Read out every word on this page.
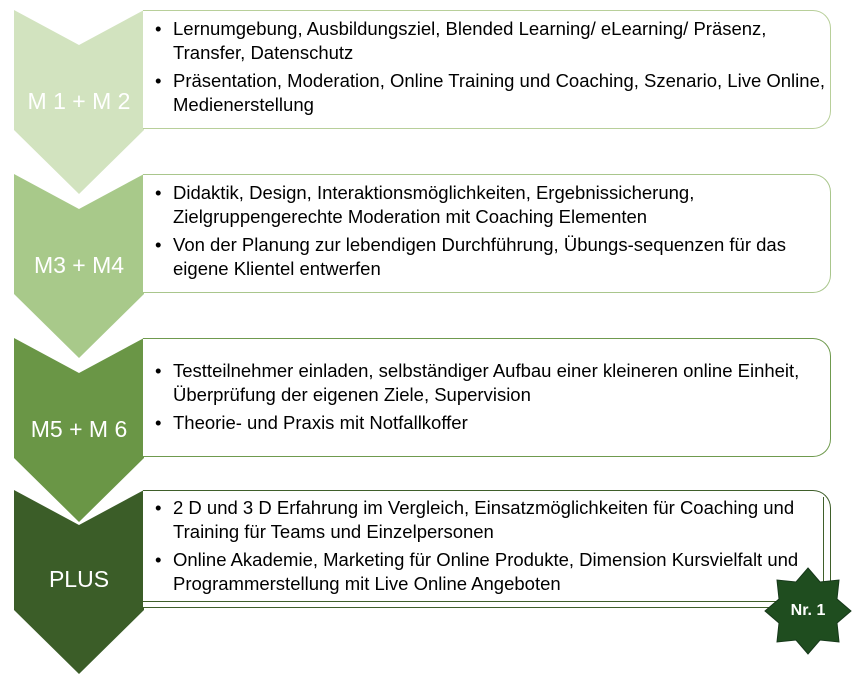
M 1 + M 2
• Lernumgebung, Ausbildungsziel, Blended Learning/ eLearning/ Präsenz, Transfer, Datenschutz
• Präsentation, Moderation, Online Training und Coaching, Szenario, Live Online, Medienerstellung
M3 + M4
• Didaktik, Design, Interaktionsmöglichkeiten, Ergebnissicherung, Zielgruppengerechte Moderation mit Coaching Elementen
• Von der Planung zur lebendigen Durchführung, Übungs-sequenzen für das eigene Klientel entwerfen
M5 + M 6
• Testteilnehmer einladen, selbständiger Aufbau einer kleineren online Einheit, Überprüfung der eigenen Ziele, Supervision
• Theorie- und Praxis mit Notfallkoffer
PLUS
• 2 D und 3 D Erfahrung im Vergleich, Einsatzmöglichkeiten für Coaching und Training für Teams und Einzelpersonen
• Online Akademie, Marketing für Online Produkte, Dimension Kursvielfalt und Programmerstellung mit Live Online Angeboten
Nr. 1
